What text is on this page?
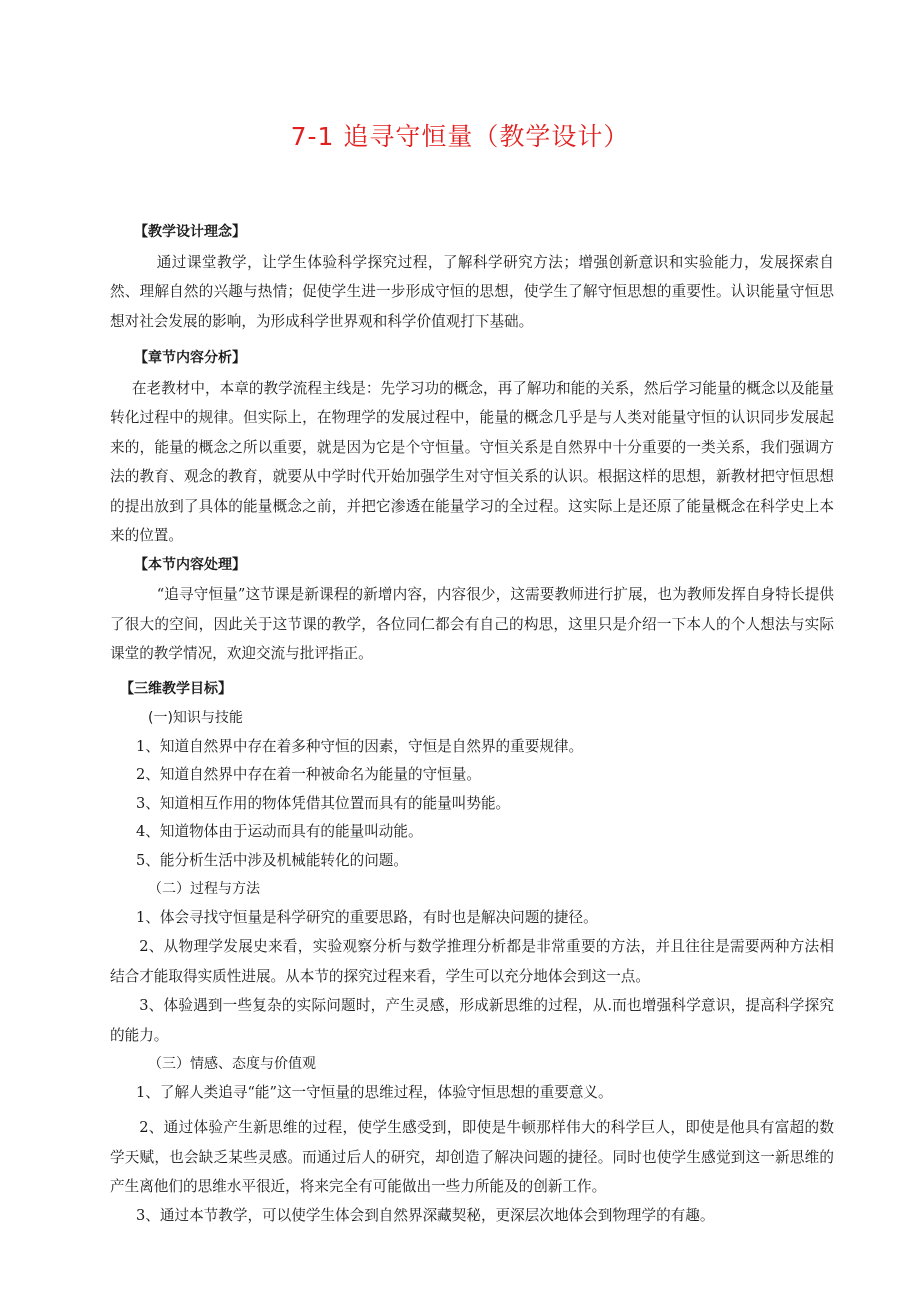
7-1 追寻守恒量（教学设计）

【教学设计理念】

通过课堂教学，让学生体验科学探究过程，了解科学研究方法；增强创新意识和实验能力，发展探索自然、理解自然的兴趣与热情；促使学生进一步形成守恒的思想，使学生了解守恒思想的重要性。认识能量守恒思想对社会发展的影响，为形成科学世界观和科学价值观打下基础。

【章节内容分析】

在老教材中，本章的教学流程主线是：先学习功的概念，再了解功和能的关系，然后学习能量的概念以及能量转化过程中的规律。但实际上，在物理学的发展过程中，能量的概念几乎是与人类对能量守恒的认识同步发展起来的，能量的概念之所以重要，就是因为它是个守恒量。守恒关系是自然界中十分重要的一类关系，我们强调方法的教育、观念的教育，就要从中学时代开始加强学生对守恒关系的认识。根据这样的思想，新教材把守恒思想的提出放到了具体的能量概念之前，并把它渗透在能量学习的全过程。这实际上是还原了能量概念在科学史上本来的位置。

【本节内容处理】

“追寻守恒量”这节课是新课程的新增内容，内容很少，这需要教师进行扩展，也为教师发挥自身特长提供了很大的空间，因此关于这节课的教学，各位同仁都会有自己的构思，这里只是介绍一下本人的个人想法与实际课堂的教学情况，欢迎交流与批评指正。

【三维教学目标】

(一)知识与技能

1、知道自然界中存在着多种守恒的因素，守恒是自然界的重要规律。

2、知道自然界中存在着一种被命名为能量的守恒量。

3、知道相互作用的物体凭借其位置而具有的能量叫势能。

4、知道物体由于运动而具有的能量叫动能。

5、能分析生活中涉及机械能转化的问题。

（二）过程与方法

1、体会寻找守恒量是科学研究的重要思路，有时也是解决问题的捷径。

2、从物理学发展史来看，实验观察分析与数学推理分析都是非常重要的方法，并且往往是需要两种方法相结合才能取得实质性进展。从本节的探究过程来看，学生可以充分地体会到这一点。

3、体验遇到一些复杂的实际问题时，产生灵感，形成新思维的过程，从.而也增强科学意识，提高科学探究的能力。

（三）情感、态度与价值观

1、了解人类追寻“能”这一守恒量的思维过程，体验守恒思想的重要意义。

2、通过体验产生新思维的过程，使学生感受到，即使是牛顿那样伟大的科学巨人，即使是他具有富超的数学天赋，也会缺乏某些灵感。而通过后人的研究，却创造了解决问题的捷径。同时也使学生感觉到这一新思维的产生离他们的思维水平很近，将来完全有可能做出一些力所能及的创新工作。

3、通过本节教学，可以使学生体会到自然界深藏契秘，更深层次地体会到物理学的有趣。
